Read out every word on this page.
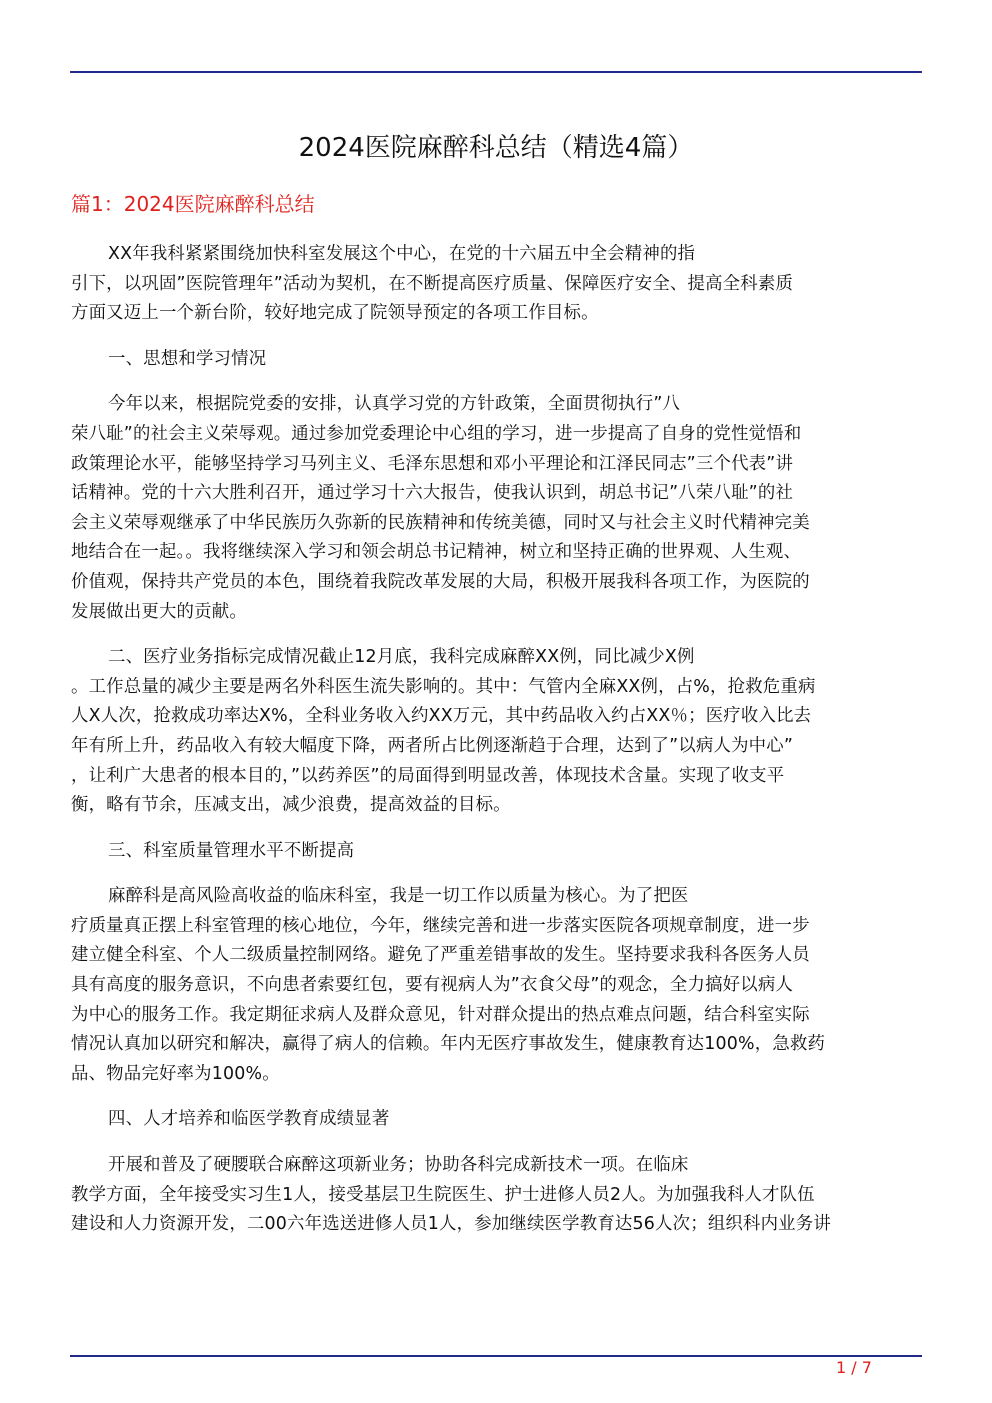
2024医院麻醉科总结（精选4篇）
篇1：2024医院麻醉科总结
XX年我科紧紧围绕加快科室发展这个中心，在党的十六届五中全会精神的指
引下，以巩固”医院管理年”活动为契机，在不断提高医疗质量、保障医疗安全、提高全科素质
方面又迈上一个新台阶，较好地完成了院领导预定的各项工作目标。
一、思想和学习情况
今年以来，根据院党委的安排，认真学习党的方针政策，全面贯彻执行”八
荣八耻”的社会主义荣辱观。通过参加党委理论中心组的学习，进一步提高了自身的党性觉悟和
政策理论水平，能够坚持学习马列主义、毛泽东思想和邓小平理论和江泽民同志”三个代表”讲
话精神。党的十六大胜利召开，通过学习十六大报告，使我认识到，胡总书记”八荣八耻”的社
会主义荣辱观继承了中华民族历久弥新的民族精神和传统美德，同时又与社会主义时代精神完美
地结合在一起。。我将继续深入学习和领会胡总书记精神，树立和坚持正确的世界观、人生观、
价值观，保持共产党员的本色，围绕着我院改革发展的大局，积极开展我科各项工作，为医院的
发展做出更大的贡献。
二、医疗业务指标完成情况截止12月底，我科完成麻醉XX例，同比减少X例
。工作总量的减少主要是两名外科医生流失影响的。其中：气管内全麻XX例，占%，抢救危重病
人X人次，抢救成功率达X%，全科业务收入约XX万元，其中药品收入约占XX％；医疗收入比去
年有所上升，药品收入有较大幅度下降，两者所占比例逐渐趋于合理，达到了”以病人为中心”
，让利广大患者的根本目的，”以药养医”的局面得到明显改善，体现技术含量。实现了收支平
衡，略有节余，压减支出，减少浪费，提高效益的目标。
三、科室质量管理水平不断提高
麻醉科是高风险高收益的临床科室，我是一切工作以质量为核心。为了把医
疗质量真正摆上科室管理的核心地位，今年，继续完善和进一步落实医院各项规章制度，进一步
建立健全科室、个人二级质量控制网络。避免了严重差错事故的发生。坚持要求我科各医务人员
具有高度的服务意识，不向患者索要红包，要有视病人为”衣食父母”的观念，全力搞好以病人
为中心的服务工作。我定期征求病人及群众意见，针对群众提出的热点难点问题，结合科室实际
情况认真加以研究和解决，赢得了病人的信赖。年内无医疗事故发生，健康教育达100%，急救药
品、物品完好率为100%。
四、人才培养和临医学教育成绩显著
开展和普及了硬腰联合麻醉这项新业务；协助各科完成新技术一项。在临床
教学方面，全年接受实习生1人，接受基层卫生院医生、护士进修人员2人。为加强我科人才队伍
建设和人力资源开发，二00六年选送进修人员1人，参加继续医学教育达56人次；组织科内业务讲
1 / 7
